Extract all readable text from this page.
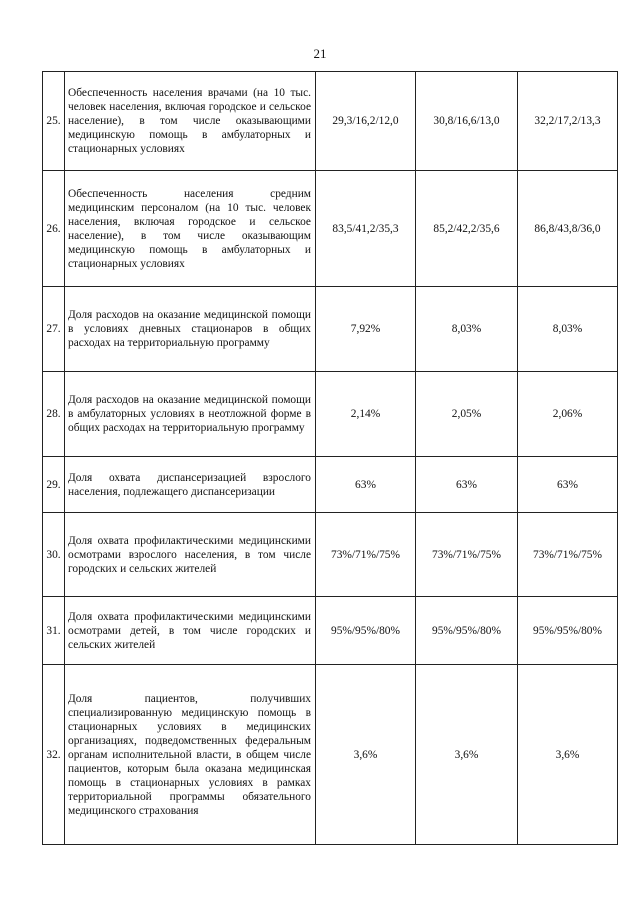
21
25.	Обеспеченность населения врачами (на 10 тыс. человек населения, включая городское и сельское население), в том числе оказывающими медицинскую помощь в амбулаторных и стационарных условиях	29,3/16,2/12,0	30,8/16,6/13,0	32,2/17,2/13,3
26.	Обеспеченность населения средним медицинским персоналом (на 10 тыс. человек населения, включая городское и сельское население), в том числе оказывающим медицинскую помощь в амбулаторных и стационарных условиях	83,5/41,2/35,3	85,2/42,2/35,6	86,8/43,8/36,0
27.	Доля расходов на оказание медицинской помощи в условиях дневных стационаров в общих расходах на территориальную программу	7,92%	8,03%	8,03%
28.	Доля расходов на оказание медицинской помощи в амбулаторных условиях в неотложной форме в общих расходах на территориальную программу	2,14%	2,05%	2,06%
29.	Доля охвата диспансеризацией взрослого населения, подлежащего диспансеризации	63%	63%	63%
30.	Доля охвата профилактическими медицинскими осмотрами взрослого населения, в том числе городских и сельских жителей	73%/71%/75%	73%/71%/75%	73%/71%/75%
31.	Доля охвата профилактическими медицинскими осмотрами детей, в том числе городских и сельских жителей	95%/95%/80%	95%/95%/80%	95%/95%/80%
32.	Доля пациентов, получивших специализированную медицинскую помощь в стационарных условиях в медицинских организациях, подведомственных федеральным органам исполнительной власти, в общем числе пациентов, которым была оказана медицинская помощь в стационарных условиях в рамках территориальной программы обязательного медицинского страхования	3,6%	3,6%	3,6%
